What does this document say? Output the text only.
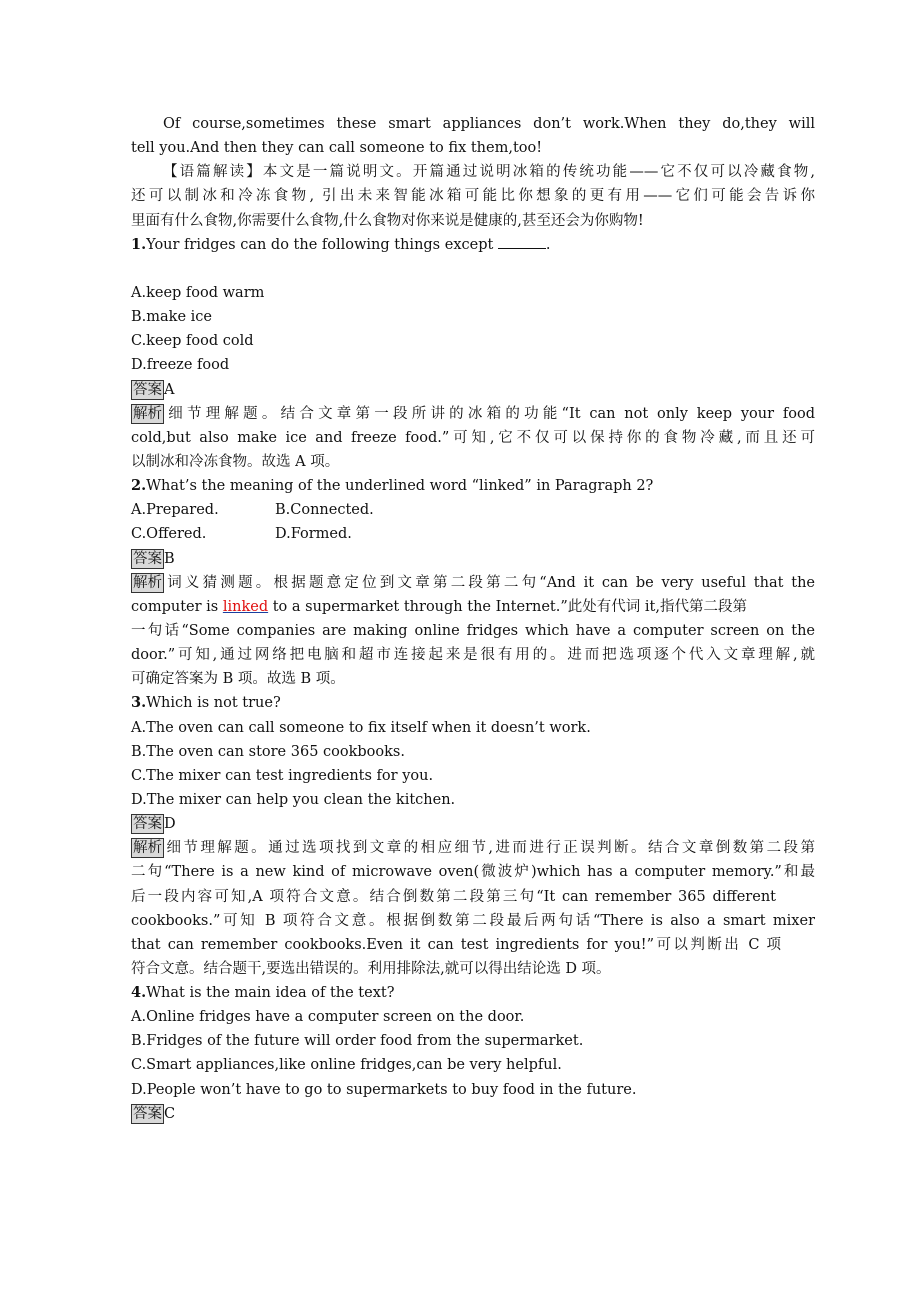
Of course,sometimes these smart appliances don’t work.When they do,they will
tell you.And then they can call someone to fix them,too!
【语篇解读】本文是一篇说明文。开篇通过说明冰箱的传统功能——它不仅可以冷藏食物,
还可以制冰和冷冻食物, 引出未来智能冰箱可能比你想象的更有用——它们可能会告诉你
里面有什么食物,你需要什么食物,什么食物对你来说是健康的,甚至还会为你购物!
1.Your fridges can do the following things except	.
A.keep food warm
B.make ice
C.keep food cold
D.freeze food
答案 A
解析 细节理解题。结合文章第一段所讲的冰箱的功能“It can not only keep your food
cold,but also make ice and freeze food.”可知,它不仅可以保持你的食物冷藏,而且还可
以制冰和冷冻食物。故选 A 项。
2.What’s the meaning of the underlined word “linked” in Paragraph 2?
A.Prepared.	B.Connected.
C.Offered.	D.Formed.
答案 B
解析 词义猜测题。根据题意定位到文章第二段第二句“And it can be very useful that the
computer is linked to a supermarket through the Internet.”此处有代词 it,指代第二段第
一句话“Some companies are making online fridges which have a computer screen on the
door.”可知,通过网络把电脑和超市连接起来是很有用的。进而把选项逐个代入文章理解,就
可确定答案为 B 项。故选 B 项。
3.Which is not true?
A.The oven can call someone to fix itself when it doesn’t work.
B.The oven can store 365 cookbooks.
C.The mixer can test ingredients for you.
D.The mixer can help you clean the kitchen.
答案 D
解析 细节理解题。通过选项找到文章的相应细节,进而进行正误判断。结合文章倒数第二段第
二句“There is a new kind of microwave oven(微波炉)which has a computer memory.”和最
后一段内容可知,A 项符合文意。结合倒数第二段第三句“It can remember 365 different
cookbooks.”可知 B 项符合文意。根据倒数第二段最后两句话“There is also a smart mixer
that can remember cookbooks.Even it can test ingredients for you!”可以判断出 C 项
符合文意。结合题干,要选出错误的。利用排除法,就可以得出结论选 D 项。
4.What is the main idea of the text?
A.Online fridges have a computer screen on the door.
B.Fridges of the future will order food from the supermarket.
C.Smart appliances,like online fridges,can be very helpful.
D.People won’t have to go to supermarkets to buy food in the future.
答案 C
